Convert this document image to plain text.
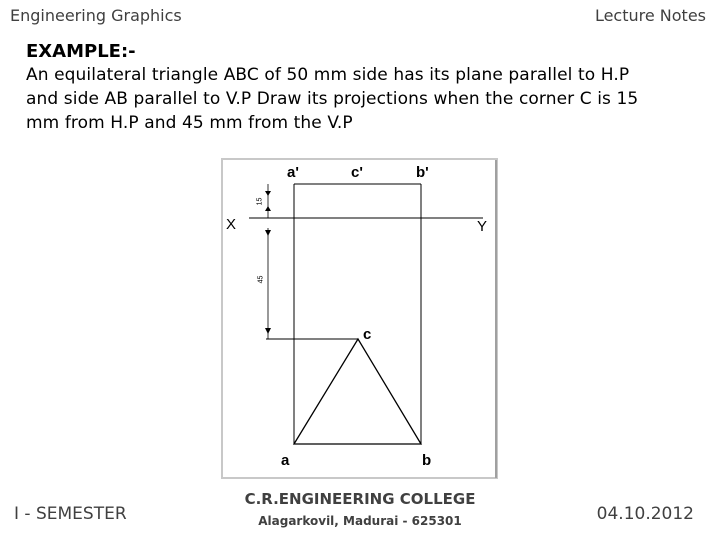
Engineering Graphics	Lecture Notes
EXAMPLE:-
An equilateral triangle ABC of 50 mm side has its plane parallel to H.P
and side AB parallel to V.P Draw its projections when the corner C is 15
mm from H.P and 45 mm from the V.P
a'	c'	b'
X	Y
c
a	b
15
45
I - SEMESTER
C.R.ENGINEERING COLLEGE
Alagarkovil, Madurai - 625301	04.10.2012
